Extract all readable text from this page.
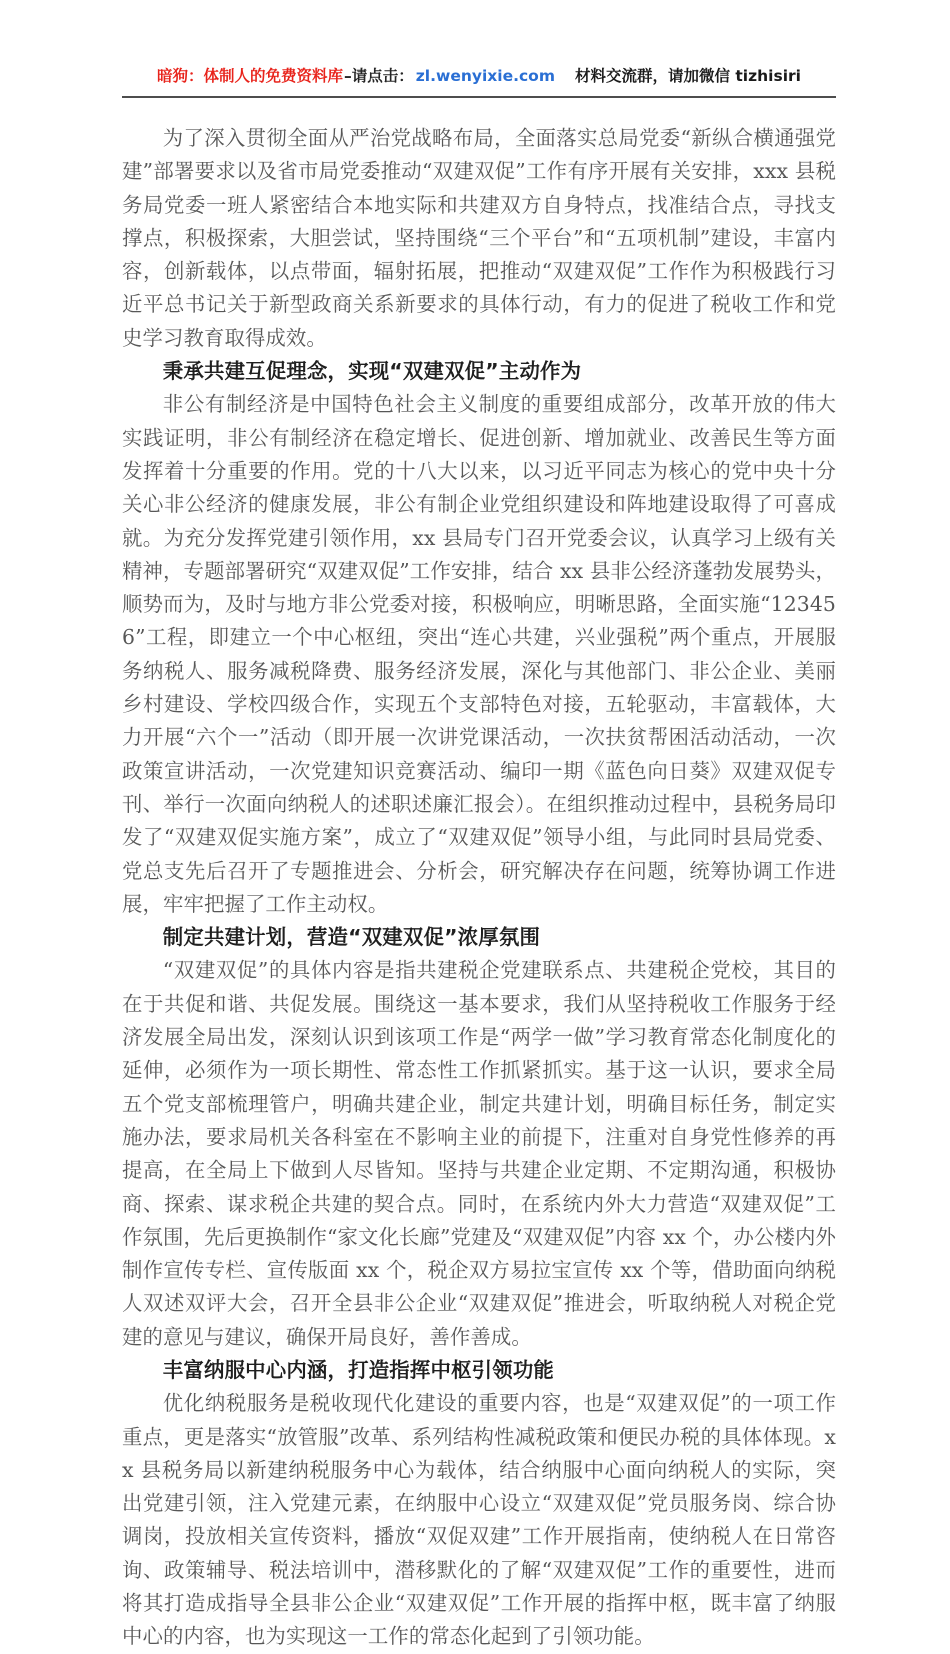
暗狗：体制人的免费资料库 –请点击： zl.wenyixie.com 材料交流群，请加微信 tizhisiri

为了深入贯彻全面从严治党战略布局，全面落实总局党委“新纵合横通强党建”部署要求以及省市局党委推动“双建双促”工作有序开展有关安排，xxx 县税务局党委一班人紧密结合本地实际和共建双方自身特点，找准结合点，寻找支撑点，积极探索，大胆尝试，坚持围绕“三个平台”和“五项机制”建设，丰富内容，创新载体，以点带面，辐射拓展，把推动“双建双促”工作作为积极践行习近平总书记关于新型政商关系新要求的具体行动，有力的促进了税收工作和党史学习教育取得成效。

秉承共建互促理念，实现“双建双促”主动作为

非公有制经济是中国特色社会主义制度的重要组成部分，改革开放的伟大实践证明，非公有制经济在稳定增长、促进创新、增加就业、改善民生等方面发挥着十分重要的作用。党的十八大以来，以习近平同志为核心的党中央十分关心非公经济的健康发展，非公有制企业党组织建设和阵地建设取得了可喜成就。为充分发挥党建引领作用，xx 县局专门召开党委会议，认真学习上级有关精神，专题部署研究“双建双促”工作安排，结合 xx 县非公经济蓬勃发展势头，顺势而为，及时与地方非公党委对接，积极响应，明晰思路，全面实施“123456”工程，即建立一个中心枢纽，突出“连心共建，兴业强税”两个重点，开展服务纳税人、服务减税降费、服务经济发展，深化与其他部门、非公企业、美丽乡村建设、学校四级合作，实现五个支部特色对接，五轮驱动，丰富载体，大力开展“六个一”活动（即开展一次讲党课活动，一次扶贫帮困活动活动，一次政策宣讲活动，一次党建知识竞赛活动、编印一期《蓝色向日葵》双建双促专刊、举行一次面向纳税人的述职述廉汇报会）。在组织推动过程中，县税务局印发了“双建双促实施方案”，成立了“双建双促”领导小组，与此同时县局党委、党总支先后召开了专题推进会、分析会，研究解决存在问题，统筹协调工作进展，牢牢把握了工作主动权。

制定共建计划，营造“双建双促”浓厚氛围

“双建双促”的具体内容是指共建税企党建联系点、共建税企党校，其目的在于共促和谐、共促发展。围绕这一基本要求，我们从坚持税收工作服务于经济发展全局出发，深刻认识到该项工作是“两学一做”学习教育常态化制度化的延伸，必须作为一项长期性、常态性工作抓紧抓实。基于这一认识，要求全局五个党支部梳理管户，明确共建企业，制定共建计划，明确目标任务，制定实施办法，要求局机关各科室在不影响主业的前提下，注重对自身党性修养的再提高，在全局上下做到人尽皆知。坚持与共建企业定期、不定期沟通，积极协商、探索、谋求税企共建的契合点。同时，在系统内外大力营造“双建双促”工作氛围，先后更换制作“家文化长廊”党建及“双建双促”内容 xx 个，办公楼内外制作宣传专栏、宣传版面 xx 个，税企双方易拉宝宣传 xx 个等，借助面向纳税人双述双评大会，召开全县非公企业“双建双促”推进会，听取纳税人对税企党建的意见与建议，确保开局良好，善作善成。

丰富纳服中心内涵，打造指挥中枢引领功能

优化纳税服务是税收现代化建设的重要内容，也是“双建双促”的一项工作重点，更是落实“放管服”改革、系列结构性减税政策和便民办税的具体体现。xx 县税务局以新建纳税服务中心为载体，结合纳服中心面向纳税人的实际，突出党建引领，注入党建元素，在纳服中心设立“双建双促”党员服务岗、综合协调岗，投放相关宣传资料，播放“双促双建”工作开展指南，使纳税人在日常咨询、政策辅导、税法培训中，潜移默化的了解“双建双促”工作的重要性，进而将其打造成指导全县非公企业“双建双促”工作开展的指挥中枢，既丰富了纳服中心的内容，也为实现这一工作的常态化起到了引领功能。
